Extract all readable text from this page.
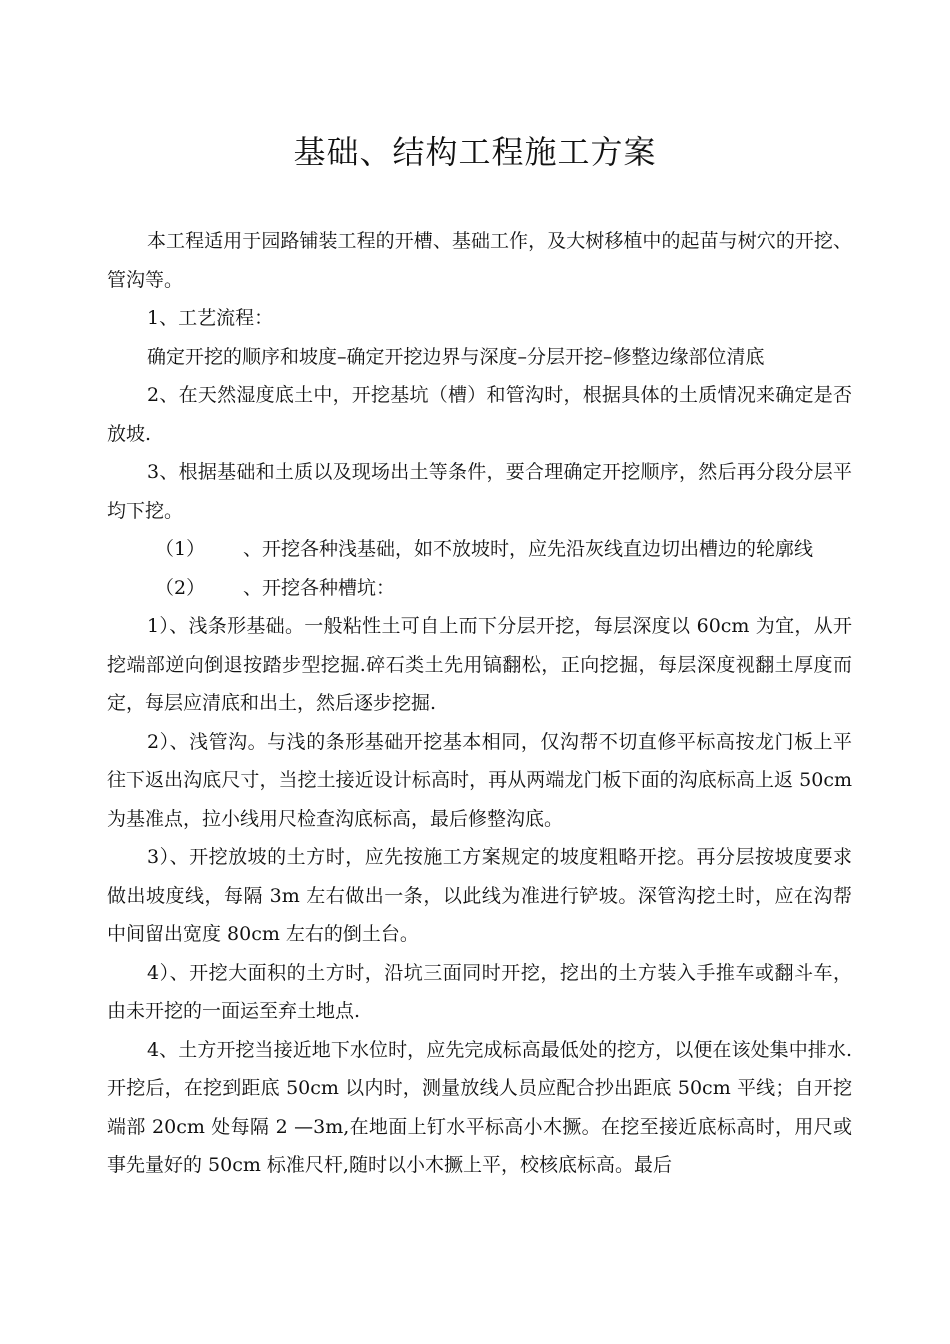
基础、结构工程施工方案

本工程适用于园路铺装工程的开槽、基础工作，及大树移植中的起苗与树穴的开挖、管沟等。

1、工艺流程：

确定开挖的顺序和坡度–确定开挖边界与深度–分层开挖–修整边缘部位清底

2、在天然湿度底土中，开挖基坑（槽）和管沟时，根据具体的土质情况来确定是否放坡.

3、根据基础和土质以及现场出土等条件，要合理确定开挖顺序，然后再分段分层平均下挖。

（1） 、开挖各种浅基础，如不放坡时，应先沿灰线直边切出槽边的轮廓线
（2） 、开挖各种槽坑：

1）、浅条形基础。一般粘性土可自上而下分层开挖，每层深度以 60cm 为宜，从开挖端部逆向倒退按踏步型挖掘.碎石类土先用镐翻松，正向挖掘，每层深度视翻土厚度而定，每层应清底和出土，然后逐步挖掘.

2）、浅管沟。与浅的条形基础开挖基本相同，仅沟帮不切直修平标高按龙门板上平往下返出沟底尺寸，当挖土接近设计标高时，再从两端龙门板下面的沟底标高上返 50cm 为基准点，拉小线用尺检查沟底标高，最后修整沟底。

3）、开挖放坡的土方时，应先按施工方案规定的坡度粗略开挖。再分层按坡度要求做出坡度线，每隔 3m 左右做出一条，以此线为准进行铲坡。深管沟挖土时，应在沟帮中间留出宽度 80cm 左右的倒土台。

4）、开挖大面积的土方时，沿坑三面同时开挖，挖出的土方装入手推车或翻斗车，由未开挖的一面运至弃土地点.

4、土方开挖当接近地下水位时，应先完成标高最低处的挖方，以便在该处集中排水.开挖后，在挖到距底 50cm 以内时，测量放线人员应配合抄出距底 50cm 平线；自开挖端部 20cm 处每隔 2 —3m,在地面上钉水平标高小木撅。在挖至接近底标高时，用尺或事先量好的 50cm 标准尺杆,随时以小木撅上平，校核底标高。最后
